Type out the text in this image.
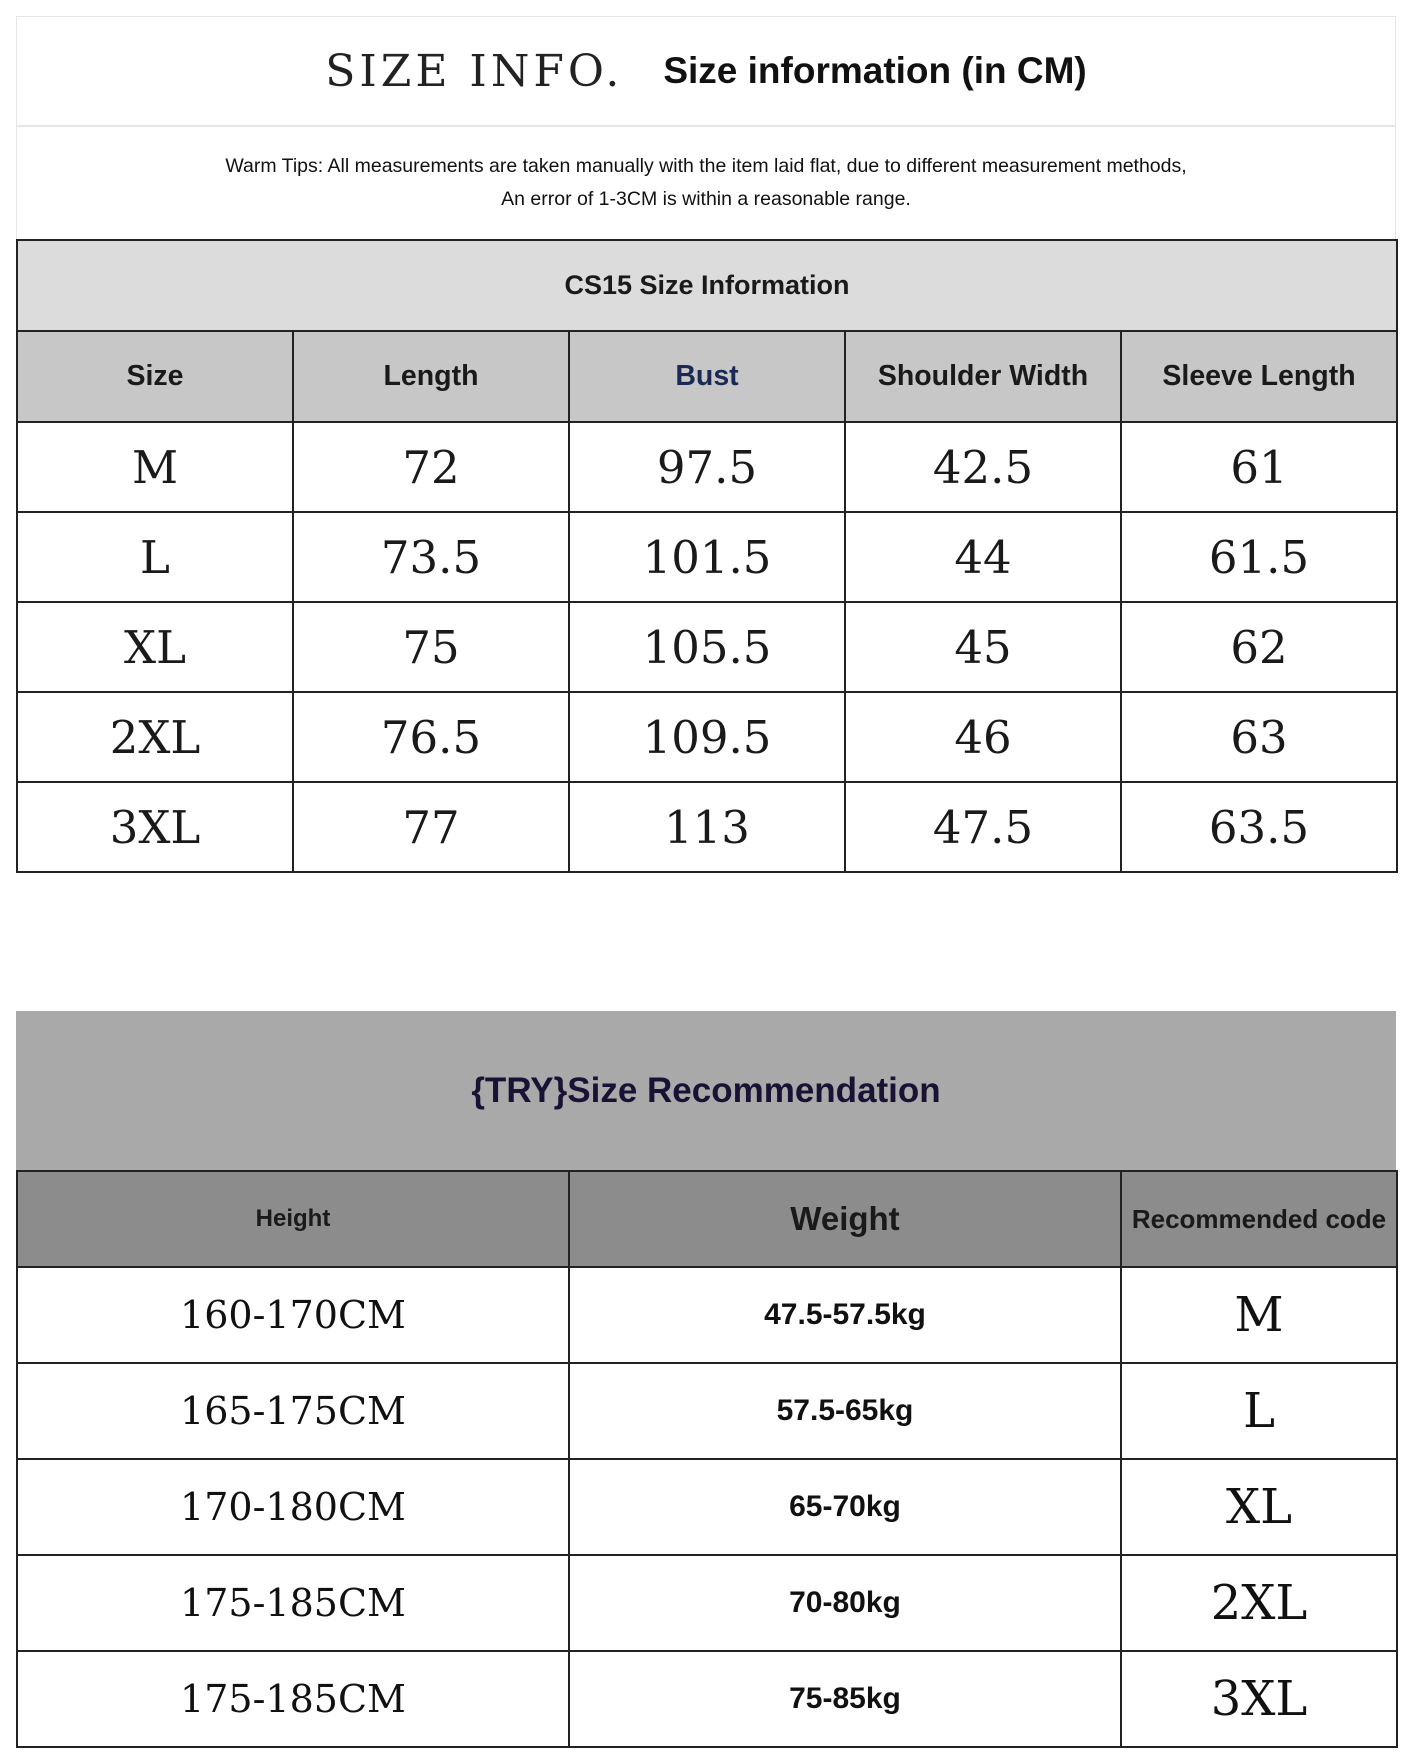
SIZE INFO. Size information (in CM)
Warm Tips: All measurements are taken manually with the item laid flat, due to different measurement methods,
An error of 1-3CM is within a reasonable range.
CS15 Size Information				
Size	Length	Bust	Shoulder Width	Sleeve Length
M	72	97.5	42.5	61
L	73.5	101.5	44	61.5
XL	75	105.5	45	62
2XL	76.5	109.5	46	63
3XL	77	113	47.5	63.5
{TRY}Size Recommendation
Height	Weight	Recommended code
160-170CM	47.5-57.5kg	M
165-175CM	57.5-65kg	L
170-180CM	65-70kg	XL
175-185CM	70-80kg	2XL
175-185CM	75-85kg	3XL
